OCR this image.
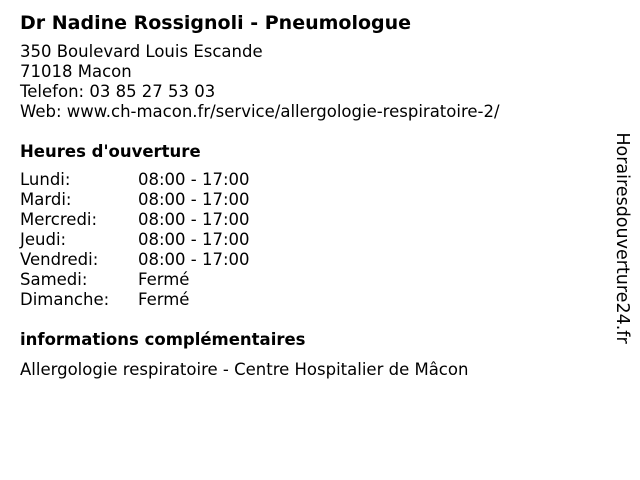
Dr Nadine Rossignoli - Pneumologue
350 Boulevard Louis Escande
71018 Macon
Telefon: 03 85 27 53 03
Web: www.ch-macon.fr/service/allergologie-respiratoire-2/
Heures d'ouverture
Lundi:	08:00 - 17:00
Mardi:	08:00 - 17:00
Mercredi:	08:00 - 17:00
Jeudi:	08:00 - 17:00
Vendredi:	08:00 - 17:00
Samedi:	Fermé
Dimanche:	Fermé
informations complémentaires
Allergologie respiratoire - Centre Hospitalier de Mâcon
Horairesdouverture24.fr
